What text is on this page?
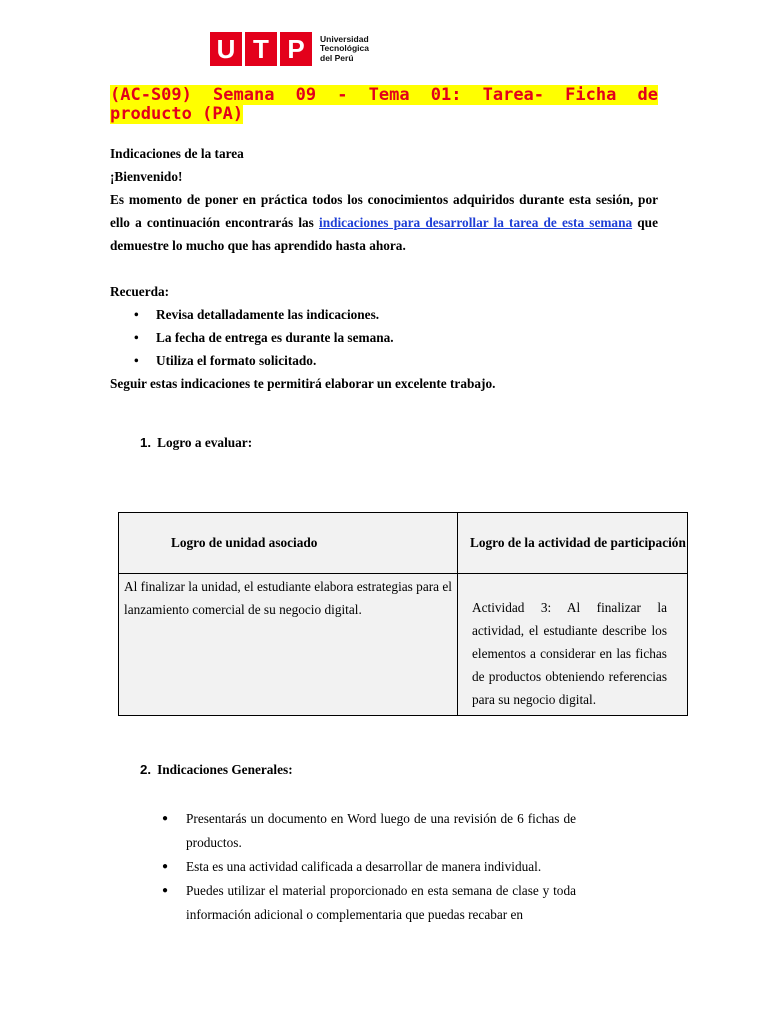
U T P	Universidad
Tecnológica
del Perú
(AC-S09) Semana 09 - Tema 01: Tarea- Ficha de producto (PA)

Indicaciones de la tarea

¡Bienvenido!

Es momento de poner en práctica todos los conocimientos adquiridos durante esta sesión, por ello a continuación encontrarás las indicaciones para desarrollar la tarea de esta semana que demuestre lo mucho que has aprendido hasta ahora.

Recuerda:

• Revisa detalladamente las indicaciones.
• La fecha de entrega es durante la semana.
• Utiliza el formato solicitado.

Seguir estas indicaciones te permitirá elaborar un excelente trabajo.

1. Logro a evaluar:
Logro de unidad asociado	Logro de la actividad de participación
Al finalizar la unidad, el estudiante elabora estrategias para el lanzamiento comercial de su negocio digital.	Actividad 3: Al finalizar la actividad, el estudiante describe los elementos a considerar en las fichas de productos obteniendo referencias para su negocio digital.
2. Indicaciones Generales:
● Presentarás un documento en Word luego de una revisión de 6 fichas de productos.
● Esta es una actividad calificada a desarrollar de manera individual.
● Puedes utilizar el material proporcionado en esta semana de clase y toda información adicional o complementaria que puedas recabar en
